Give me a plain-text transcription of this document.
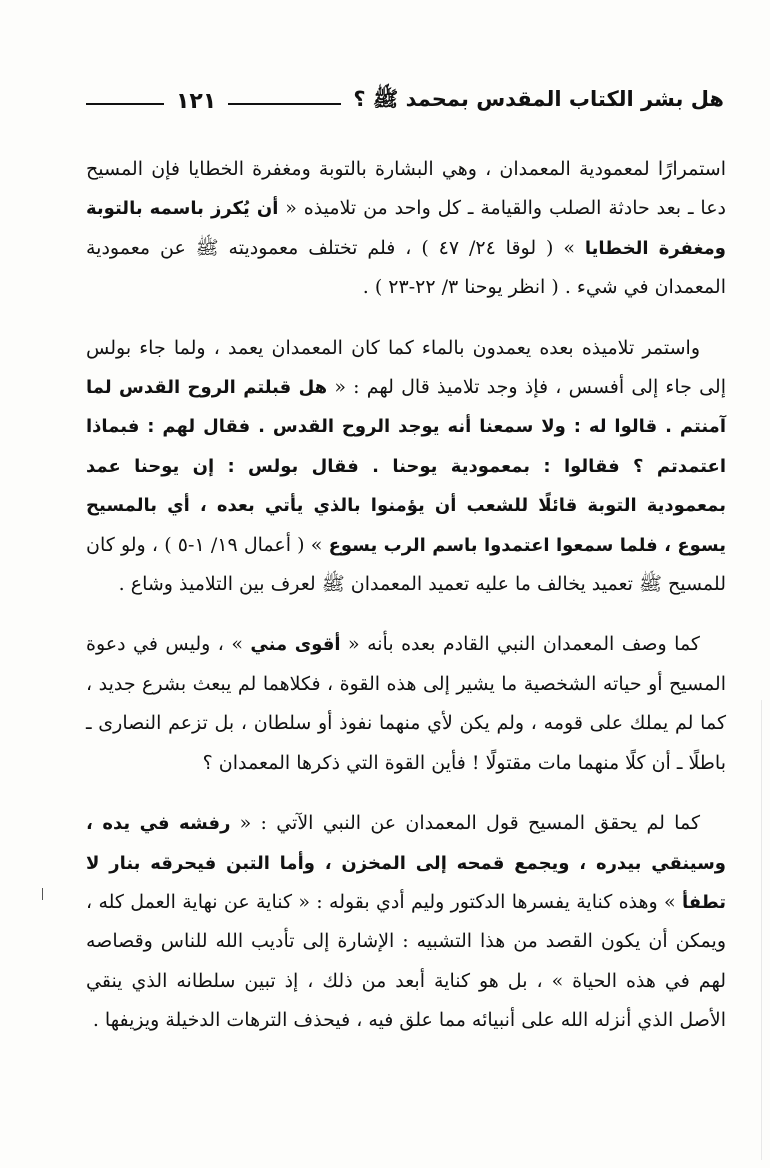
هل بشر الكتاب المقدس بمحمد ﷺ ؟
١٢١

استمرارًا لمعمودية المعمدان ، وهي البشارة بالتوبة ومغفرة الخطايا فإن المسيح دعا ـ بعد حادثة الصلب والقيامة ـ كل واحد من تلاميذه « أن يُكرز باسمه بالتوبة ومغفرة الخطايا » ( لوقا ٢٤/ ٤٧ ) ، فلم تختلف معموديته ﷺ عن معمودية المعمدان في شيء . ( انظر يوحنا ٣/ ٢٢-٢٣ ) .

واستمر تلاميذه بعده يعمدون بالماء كما كان المعمدان يعمد ، ولما جاء بولس إلى جاء إلى أفسس ، فإذ وجد تلاميذ قال لهم : « هل قبلتم الروح القدس لما آمنتم . قالوا له : ولا سمعنا أنه يوجد الروح القدس . فقال لهم : فبماذا اعتمدتم ؟ فقالوا : بمعمودية يوحنا . فقال بولس : إن يوحنا عمد بمعمودية التوبة قائلًا للشعب أن يؤمنوا بالذي يأتي بعده ، أي بالمسيح يسوع ، فلما سمعوا اعتمدوا باسم الرب يسوع » ( أعمال ١٩/ ١-٥ ) ، ولو كان للمسيح ﷺ تعميد يخالف ما عليه تعميد المعمدان ﷺ لعرف بين التلاميذ وشاع .

كما وصف المعمدان النبي القادم بعده بأنه « أقوى مني » ، وليس في دعوة المسيح أو حياته الشخصية ما يشير إلى هذه القوة ، فكلاهما لم يبعث بشرع جديد ، كما لم يملك على قومه ، ولم يكن لأي منهما نفوذ أو سلطان ، بل تزعم النصارى ـ باطلًا ـ أن كلًا منهما مات مقتولًا ! فأين القوة التي ذكرها المعمدان ؟

كما لم يحقق المسيح قول المعمدان عن النبي الآتي : « رفشه في يده ، وسينقي بيدره ، ويجمع قمحه إلى المخزن ، وأما التبن فيحرقه بنار لا تطفأ » وهذه كناية يفسرها الدكتور وليم أدي بقوله : « كناية عن نهاية العمل كله ، ويمكن أن يكون القصد من هذا التشبيه : الإشارة إلى تأديب الله للناس وقصاصه لهم في هذه الحياة » ، بل هو كناية أبعد من ذلك ، إذ تبين سلطانه الذي ينقي الأصل الذي أنزله الله على أنبيائه مما علق فيه ، فيحذف الترهات الدخيلة ويزيفها .
